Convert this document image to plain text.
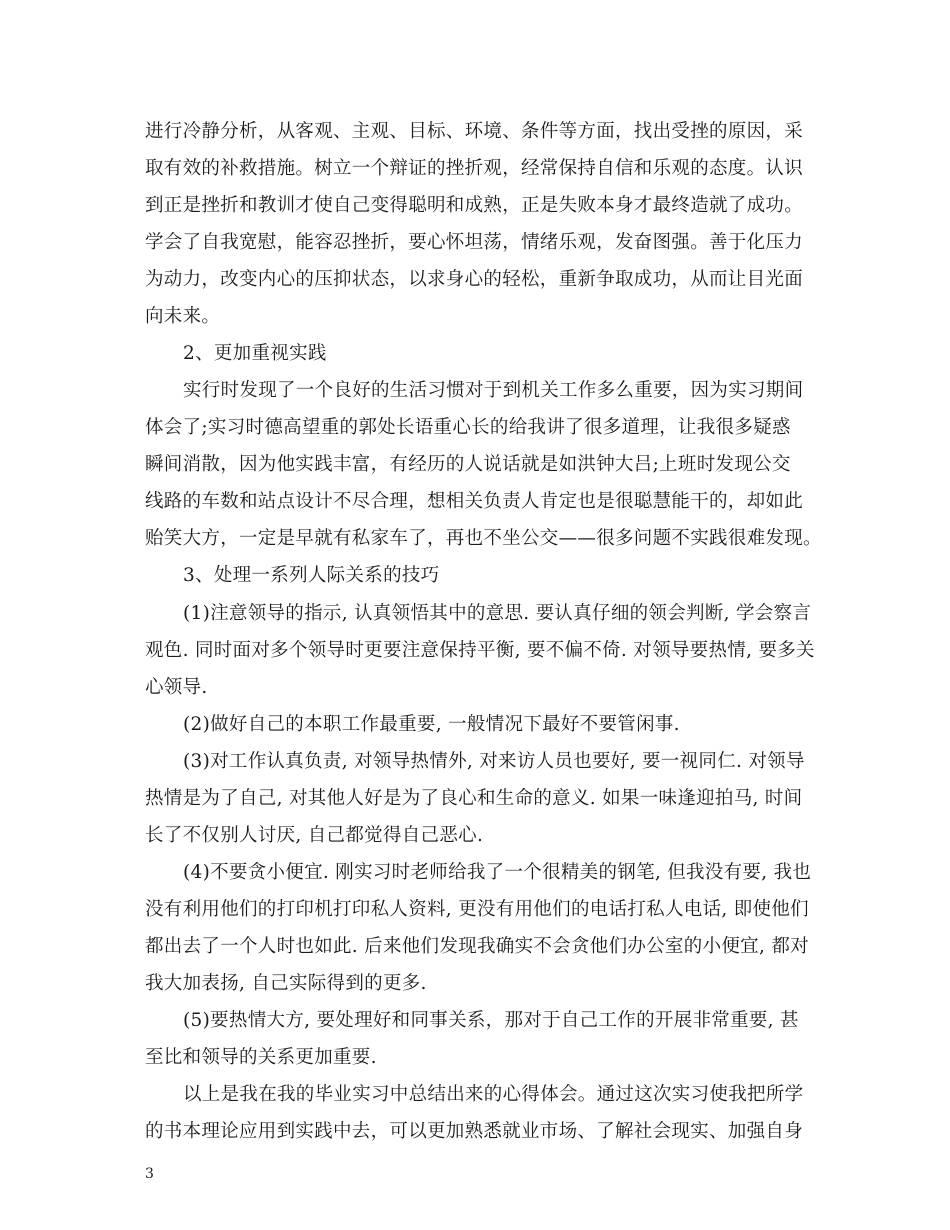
进行冷静分析，从客观、主观、目标、环境、条件等方面，找出受挫的原因，采
取有效的补救措施。树立一个辩证的挫折观，经常保持自信和乐观的态度。认识
到正是挫折和教训才使自己变得聪明和成熟，正是失败本身才最终造就了成功。
学会了自我宽慰，能容忍挫折，要心怀坦荡，情绪乐观，发奋图强。善于化压力
为动力，改变内心的压抑状态，以求身心的轻松，重新争取成功，从而让目光面
向未来。
2、更加重视实践
实行时发现了一个良好的生活习惯对于到机关工作多么重要，因为实习期间
体会了;实习时德高望重的郭处长语重心长的给我讲了很多道理，让我很多疑惑
瞬间消散，因为他实践丰富，有经历的人说话就是如洪钟大吕;上班时发现公交
线路的车数和站点设计不尽合理，想相关负责人肯定也是很聪慧能干的，却如此
贻笑大方，一定是早就有私家车了，再也不坐公交——很多问题不实践很难发现。
3、处理一系列人际关系的技巧
(1)注意领导的指示, 认真领悟其中的意思. 要认真仔细的领会判断, 学会察言
观色. 同时面对多个领导时更要注意保持平衡, 要不偏不倚. 对领导要热情, 要多关
心领导.
(2)做好自己的本职工作最重要, 一般情况下最好不要管闲事.
(3)对工作认真负责, 对领导热情外, 对来访人员也要好, 要一视同仁. 对领导
热情是为了自己, 对其他人好是为了良心和生命的意义. 如果一味逢迎拍马, 时间
长了不仅别人讨厌, 自己都觉得自己恶心.
(4)不要贪小便宜. 刚实习时老师给我了一个很精美的钢笔, 但我没有要, 我也
没有利用他们的打印机打印私人资料, 更没有用他们的电话打私人电话, 即使他们
都出去了一个人时也如此. 后来他们发现我确实不会贪他们办公室的小便宜, 都对
我大加表扬, 自己实际得到的更多.
(5)要热情大方, 要处理好和同事关系，那对于自己工作的开展非常重要, 甚
至比和领导的关系更加重要.
以上是我在我的毕业实习中总结出来的心得体会。通过这次实习使我把所学
的书本理论应用到实践中去，可以更加熟悉就业市场、了解社会现实、加强自身
3
